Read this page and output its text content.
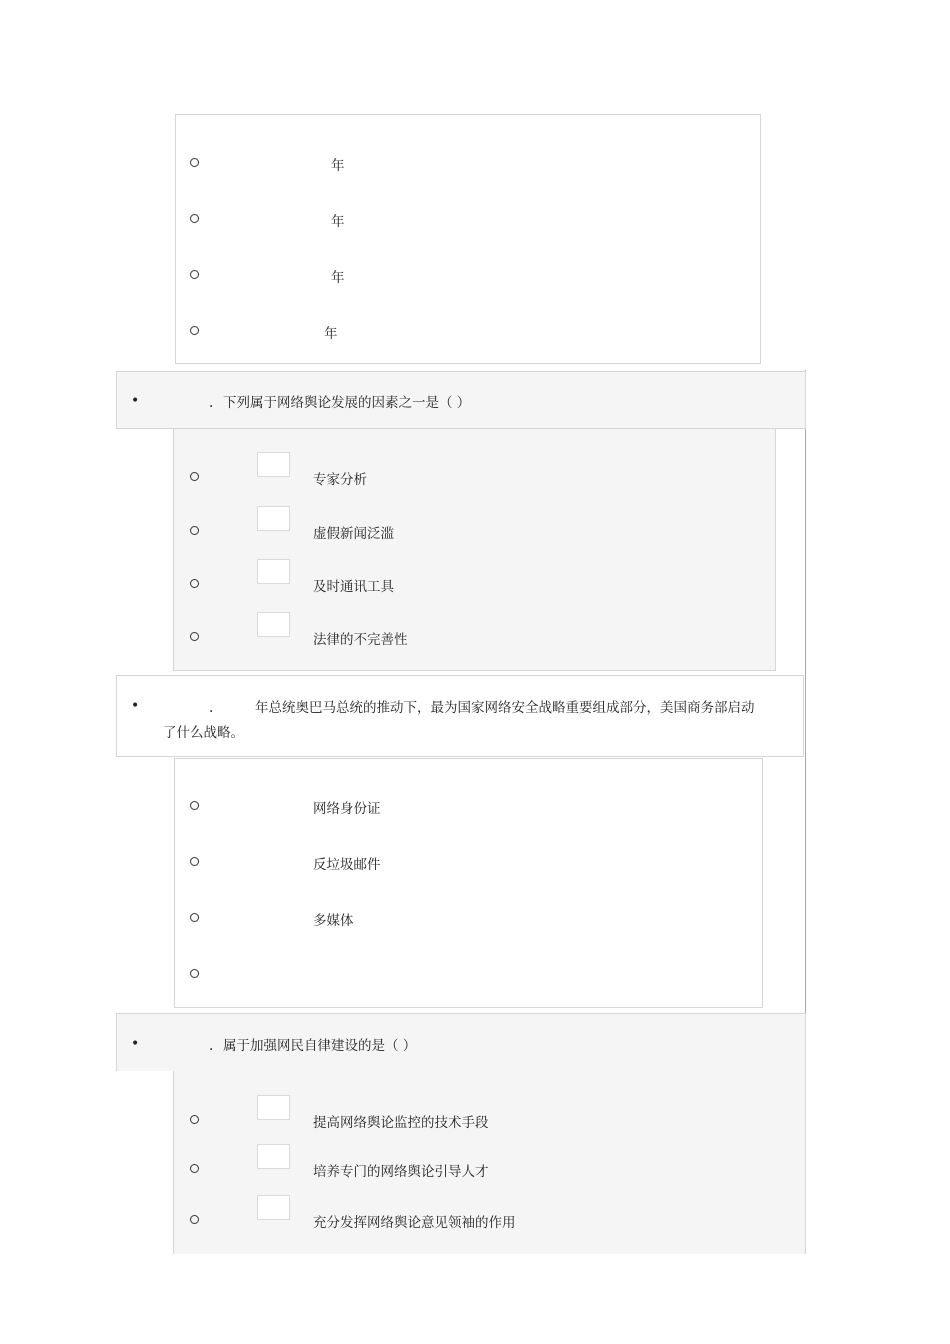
年
年
年
年
•	. 下列属于网络舆论发展的因素之一是（ ）
专家分析
虚假新闻泛滥
及时通讯工具
法律的不完善性
•	.	年总统奥巴马总统的推动下，最为国家网络安全战略重要组成部分，美国商务部启动
了什么战略。
网络身份证
反垃圾邮件
多媒体
•	. 属于加强网民自律建设的是（ ）
提高网络舆论监控的技术手段
培养专门的网络舆论引导人才
充分发挥网络舆论意见领袖的作用
